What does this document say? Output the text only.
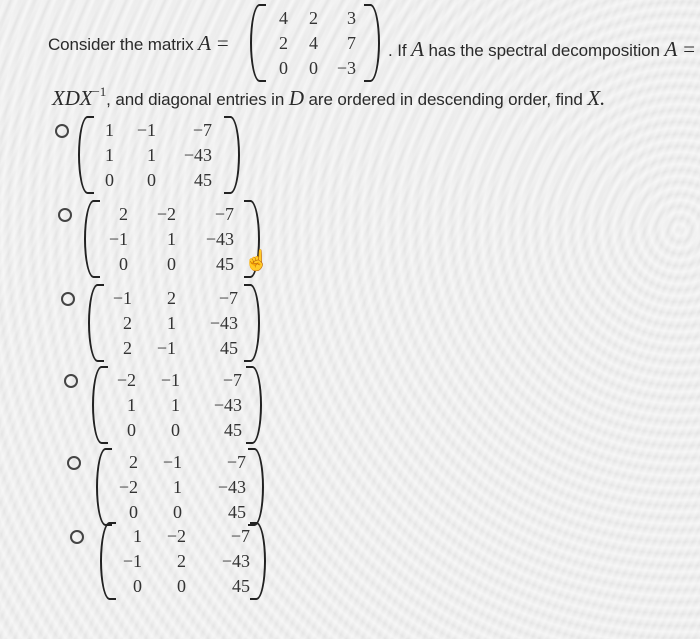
Consider the matrix A =
4	2	3
2	4	7
0	0	−3
. If A has the spectral decomposition A =
$XDX^{-1}$, and diagonal entries in D are ordered in descending order, find X.
1	−1	−7
1	1	−43
0	0	45
2	−2	−7
−1	1	−43
0	0	45
−1	2	−7
2	1	−43
2	−1	45
−2	−1	−7
1	1	−43
0	0	45
2	−1	−7
−2	1	−43
0	0	45
1	−2	−7
−1	2	−43
0	0	45
☝
